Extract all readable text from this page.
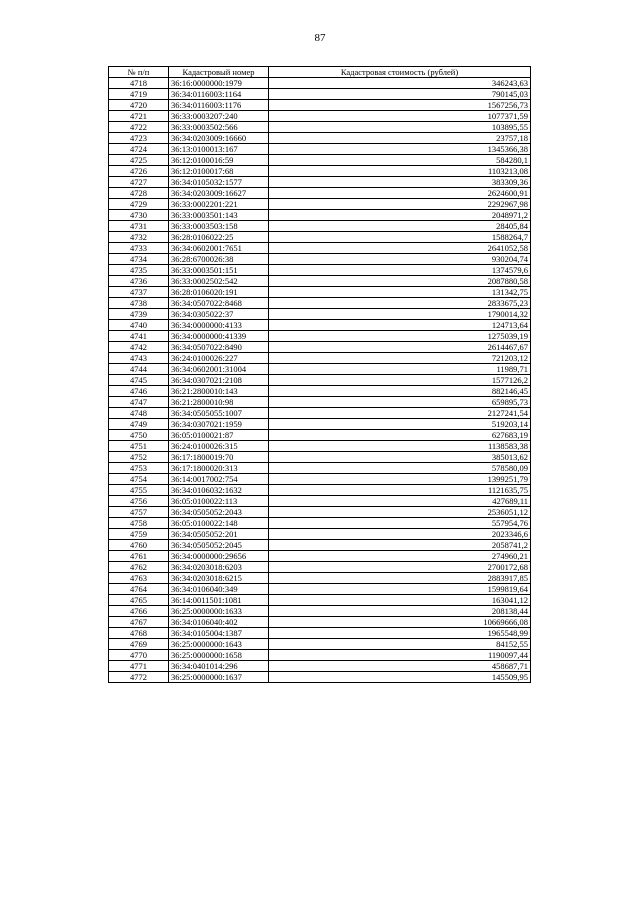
87
№ п/п	Кадастровый номер	Кадастровая стоимость (рублей)
4718	36:16:0000000:1979	346243,63
4719	36:34:0116003:1164	790145,03
4720	36:34:0116003:1176	1567256,73
4721	36:33:0003207:240	1077371,59
4722	36:33:0003502:566	103895,55
4723	36:34:0203009:16660	23757,18
4724	36:13:0100013:167	1345366,38
4725	36:12:0100016:59	584280,1
4726	36:12:0100017:68	1103213,08
4727	36:34:0105032:1577	383309,36
4728	36:34:0203009:16627	2624600,91
4729	36:33:0002201:221	2292967,98
4730	36:33:0003501:143	2048971,2
4731	36:33:0003503:158	28405,84
4732	36:28:0106022:25	1588264,7
4733	36:34:0602001:7651	2641052,58
4734	36:28:6700026:38	930204,74
4735	36:33:0003501:151	1374579,6
4736	36:33:0002502:542	2087880,58
4737	36:28:0106020:191	131342,75
4738	36:34:0507022:8468	2833675,23
4739	36:34:0305022:37	1790014,32
4740	36:34:0000000:4133	124713,64
4741	36:34:0000000:41339	1275039,19
4742	36:34:0507022:8490	2614467,67
4743	36:24:0100026:227	721203,12
4744	36:34:0602001:31004	11989,71
4745	36:34:0307021:2108	1577126,2
4746	36:21:2800010:143	882146,45
4747	36:21:2800010:98	659895,73
4748	36:34:0505055:1007	2127241,54
4749	36:34:0307021:1959	519203,14
4750	36:05:0100021:87	627683,19
4751	36:24:0100026:315	1138583,38
4752	36:17:1800019:70	385013,62
4753	36:17:1800020:313	578580,09
4754	36:14:0017002:754	1399251,79
4755	36:34:0106032:1632	1121635,75
4756	36:05:0100022:113	427689,11
4757	36:34:0505052:2043	2536051,12
4758	36:05:0100022:148	557954,76
4759	36:34:0505052:201	2023346,6
4760	36:34:0505052:2045	2058741,2
4761	36:34:0000000:29656	274960,21
4762	36:34:0203018:6203	2700172,68
4763	36:34:0203018:6215	2883917,85
4764	36:34:0106040:349	1599819,64
4765	36:14:0011501:1081	163041,12
4766	36:25:0000000:1633	208138,44
4767	36:34:0106040:402	10669666,08
4768	36:34:0105004:1387	1965548,99
4769	36:25:0000000:1643	84152,55
4770	36:25:0000000:1658	1190097,44
4771	36:34:0401014:296	458687,71
4772	36:25:0000000:1637	145509,95
